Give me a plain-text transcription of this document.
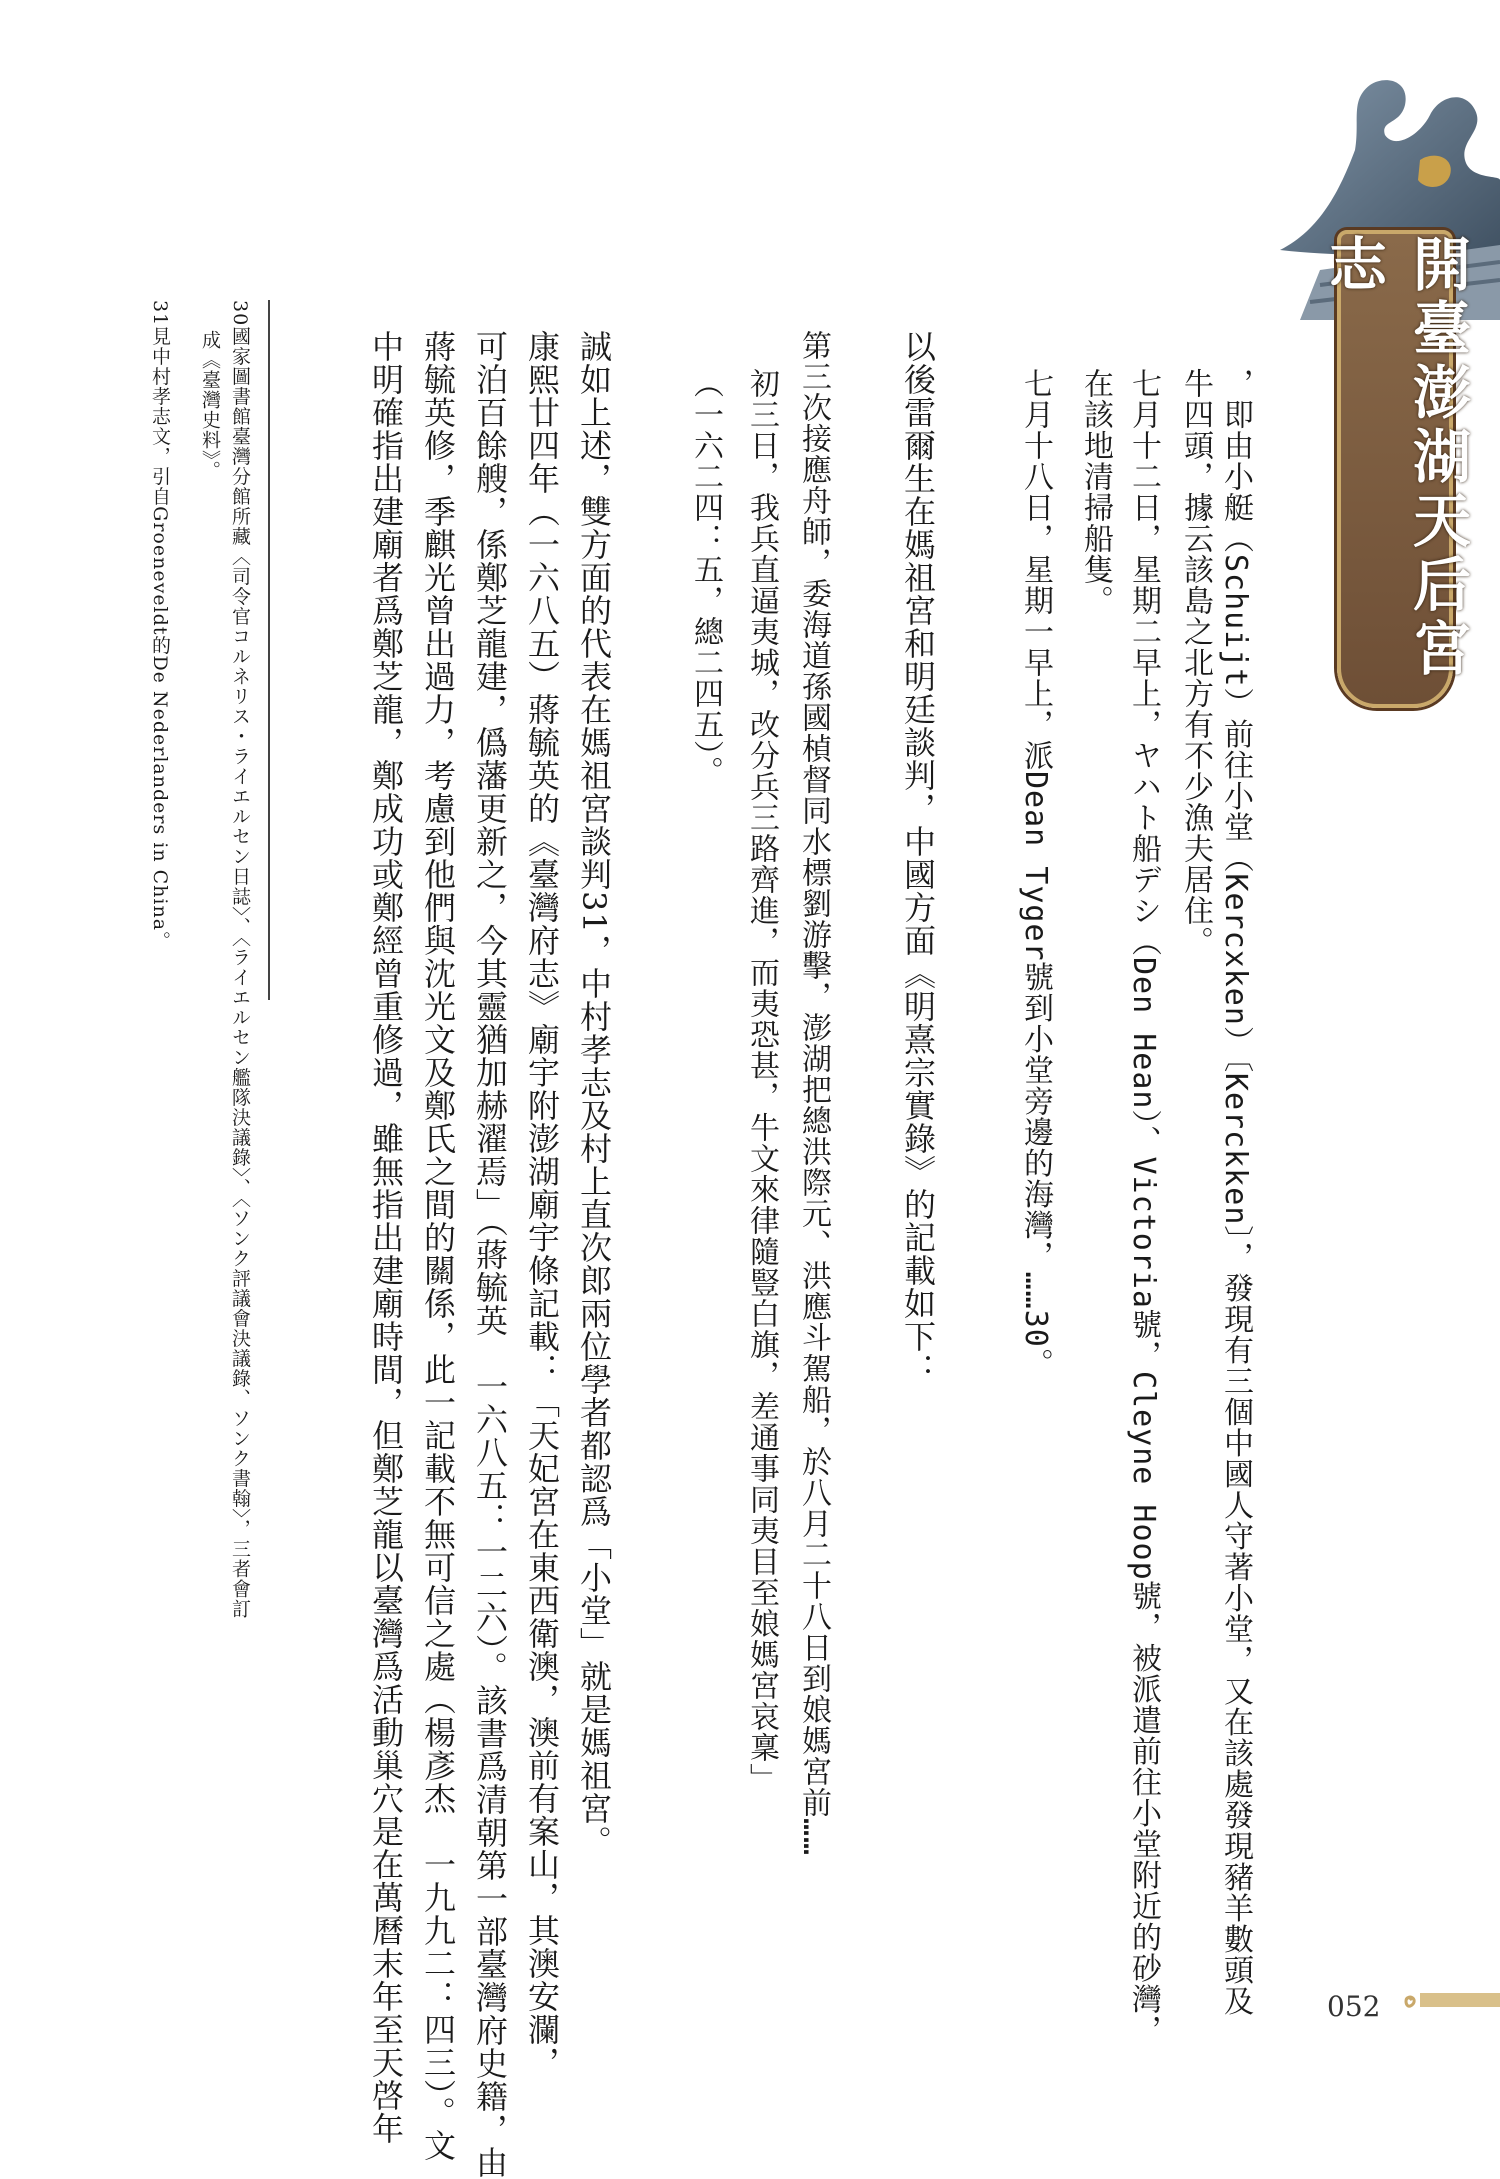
開臺澎湖天后宮志
，即由小艇（Schuijt）前往小堂（Kercxken）〔Kerckken〕，發現有三個中國人守著小堂，又在該處發現豬羊數頭及
牛四頭，據云該島之北方有不少漁夫居住。
七月十二日，星期二早上，ヤハト船デシ（Den Hean）、Victoria號，Cleyne Hoop號，被派遣前往小堂附近的砂灣，
在該地清掃船隻。
七月十八日，星期一早上，派Dean Tyger號到小堂旁邊的海灣，……30。
以後雷爾生在媽祖宮和明廷談判，中國方面《明熹宗實錄》的記載如下：
第三次接應舟師，委海道孫國楨督同水標劉游擊，澎湖把總洪際元、洪應斗駕船，於八月二十八日到娘媽宮前……
初三日，我兵直逼夷城，改分兵三路齊進，而夷恐甚，牛文來律隨豎白旗，差通事同夷目至娘媽宮哀稟」
（一六二四：五，總二四五）。
誠如上述，雙方面的代表在媽祖宮談判31，中村孝志及村上直次郎兩位學者都認爲「小堂」就是媽祖宮。
康熙廿四年（一六八五）蔣毓英的《臺灣府志》廟宇附澎湖廟宇條記載：「天妃宮在東西衛澳，澳前有案山，其澳安瀾，
可泊百餘艘，係鄭芝龍建，僞藩更新之，今其靈猶加赫濯焉」（蔣毓英　一六八五：一二六）。該書爲清朝第一部臺灣府史籍，由
蔣毓英修，季麒光曾出過力，考慮到他們與沈光文及鄭氏之間的關係，此一記載不無可信之處（楊彥杰　一九九二：四三）。文
中明確指出建廟者爲鄭芝龍，鄭成功或鄭經曾重修過，雖無指出建廟時間，但鄭芝龍以臺灣爲活動巢穴是在萬曆末年至天啓年
30國家圖書館臺灣分館所藏〈司令官コルネリス・ライエルセン日誌〉、〈ライエルセン艦隊決議錄〉、〈ソンク評議會決議錄、ソンク書翰〉，三者會訂
成《臺灣史料》。
31見中村孝志文，引自Groeneveldt的De Nederlanders in China。
052
